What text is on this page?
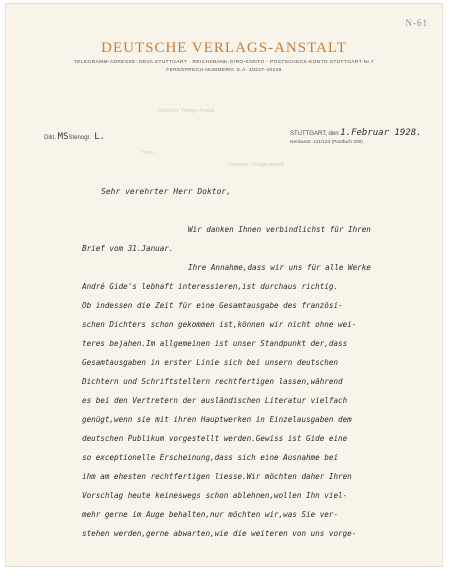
N-61
DEUTSCHE VERLAGS-ANSTALT
TELEGRAMM-ADRESSE: DEVA STUTTGART · REICHSBANK-GIRO-KONTO · POSTSCHECK-KONTO STUTTGART Nr.7
FERNSPRECH-NUMMERN: S.A. 40247-40249
Dikt. MSStenogr. L.	STUTTGART, den 1.Februar 1928.
Neckarstr. 121/123 (Postfach 209)
Deutsche Verlags-Anstalt
Hans ...
Deutsche Verlags-Anstalt
Sehr verehrter Herr Doktor,
Wir danken Ihnen verbindlichst für Ihren
Brief vom 31.Januar.
Ihre Annahme,dass wir uns für alle Werke
André Gide's lebhaft interessieren,ist durchaus richtig.
Ob indessen die Zeit für eine Gesamtausgabe des französi-
schen Dichters schon gekommen ist,können wir nicht ohne wei-
teres bejahen.Im allgemeinen ist unser Standpunkt der,dass
Gesamtausgaben in erster Linie sich bei unsern deutschen
Dichtern und Schriftstellern rechtfertigen lassen,während
es bei den Vertretern der ausländischen Literatur vielfach
genügt,wenn sie mit ihren Hauptwerken in Einzelausgaben dem
deutschen Publikum vorgestellt werden.Gewiss ist Gide eine
so exceptionelle Erscheinung,dass sich eine Ausnahme bei
ihm am ehesten rechtfertigen liesse.Wir möchten daher Ihren
Vorschlag heute keineswegs schon ablehnen,wollen Ihn viel-
mehr gerne im Auge behalten,nur möchten wir,was Sie ver-
stehen werden,gerne abwarten,wie die weiteren von uns vorge-
